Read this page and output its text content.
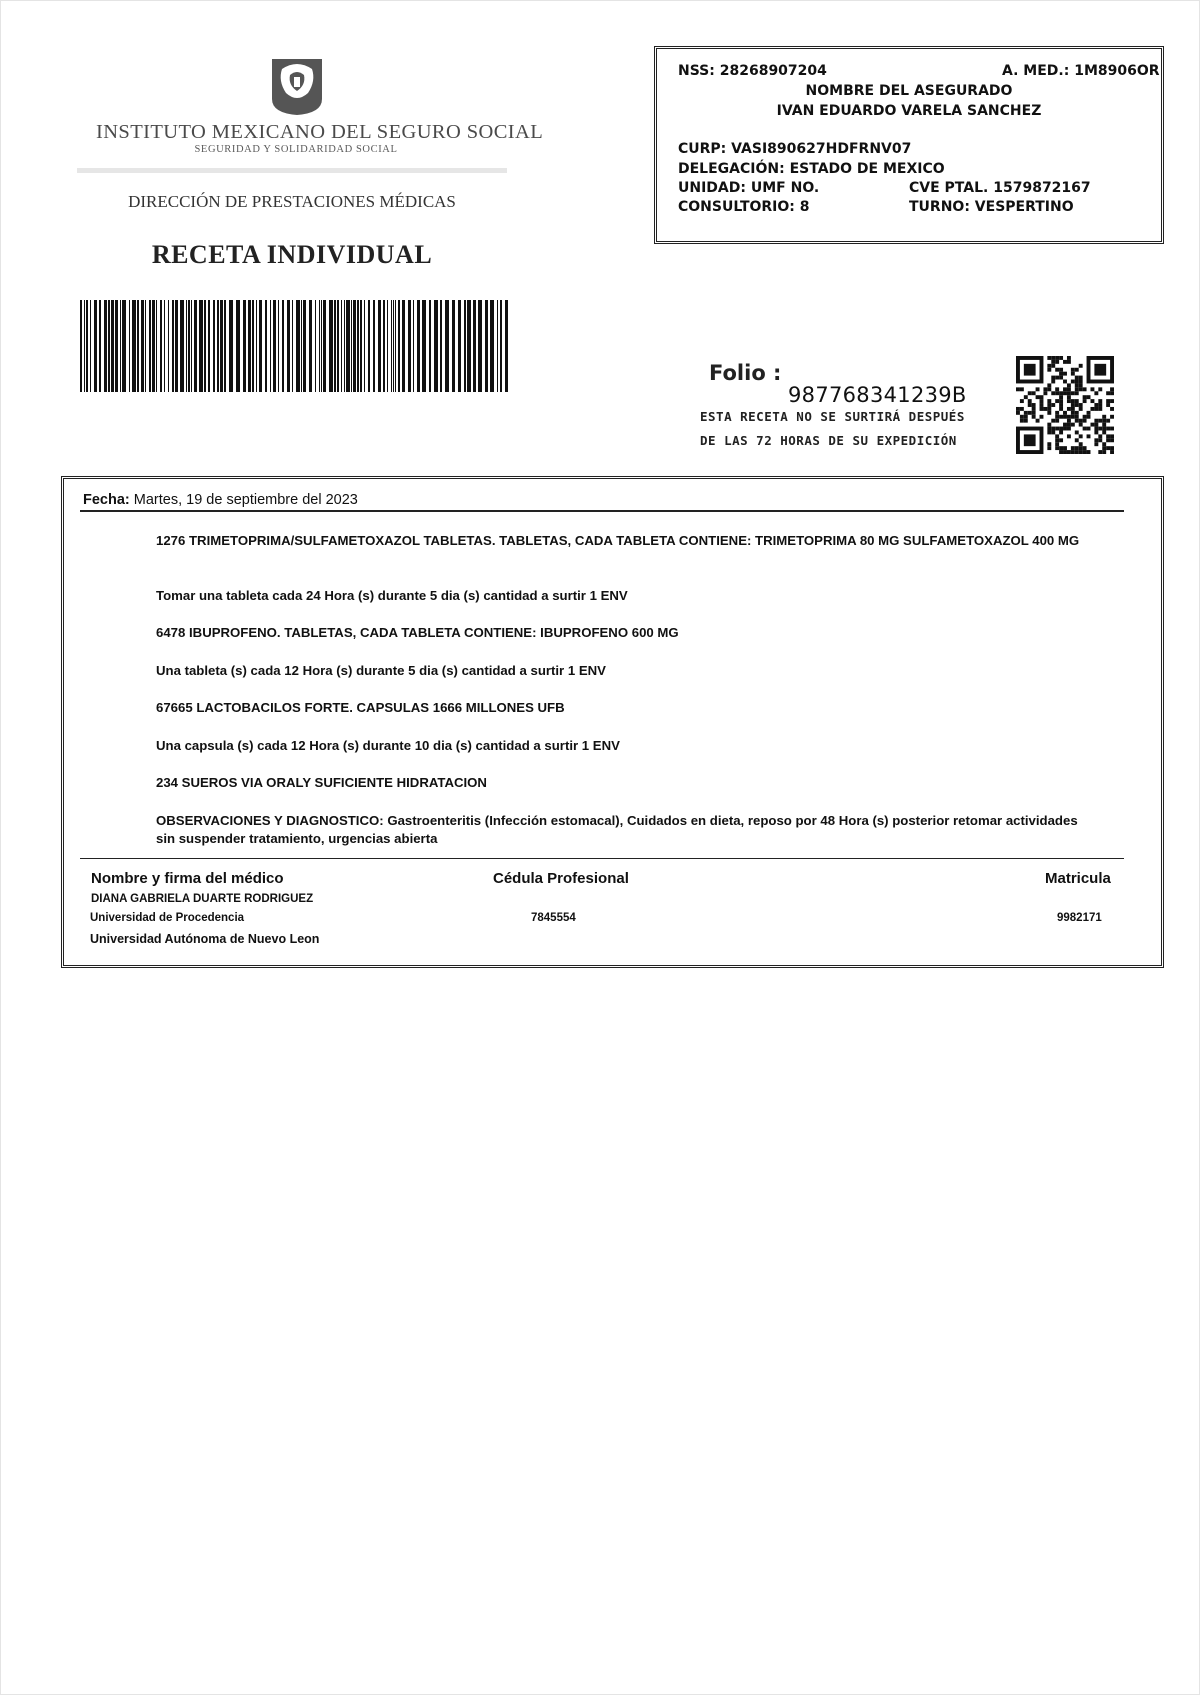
INSTITUTO MEXICANO DEL SEGURO SOCIAL
SEGURIDAD Y SOLIDARIDAD SOCIAL
DIRECCIÓN DE PRESTACIONES MÉDICAS
RECETA INDIVIDUAL
NSS: 28268907204	A. MED.: 1M8906OR
NOMBRE DEL ASEGURADO
IVAN EDUARDO VARELA SANCHEZ
CURP: VASI890627HDFRNV07
DELEGACIÓN: ESTADO DE MEXICO
UNIDAD: UMF NO.	CVE PTAL. 1579872167
CONSULTORIO: 8	TURNO: VESPERTINO
Folio :
987768341239B
ESTA RECETA NO SE SURTIRÁ DESPUÉS
DE LAS 72 HORAS DE SU EXPEDICIÓN
Fecha: Martes, 19 de septiembre del 2023
1276 TRIMETOPRIMA/SULFAMETOXAZOL TABLETAS. TABLETAS, CADA TABLETA CONTIENE: TRIMETOPRIMA 80 MG SULFAMETOXAZOL 400 MG
Tomar una tableta cada 24 Hora (s) durante 5 dia (s) cantidad a surtir 1 ENV
6478 IBUPROFENO. TABLETAS, CADA TABLETA CONTIENE: IBUPROFENO 600 MG
Una tableta (s) cada 12 Hora (s) durante 5 dia (s) cantidad a surtir 1 ENV
67665 LACTOBACILOS FORTE. CAPSULAS 1666 MILLONES UFB
Una capsula (s) cada 12 Hora (s) durante 10 dia (s) cantidad a surtir 1 ENV
234 SUEROS VIA ORALY SUFICIENTE HIDRATACION
OBSERVACIONES Y DIAGNOSTICO: Gastroenteritis (Infección estomacal), Cuidados en dieta, reposo por 48 Hora (s) posterior retomar actividades sin suspender tratamiento, urgencias abierta
Nombre y firma del médico	Cédula Profesional	Matricula
DIANA GABRIELA DUARTE RODRIGUEZ
Universidad de Procedencia	7845554	9982171
Universidad Autónoma de Nuevo Leon
